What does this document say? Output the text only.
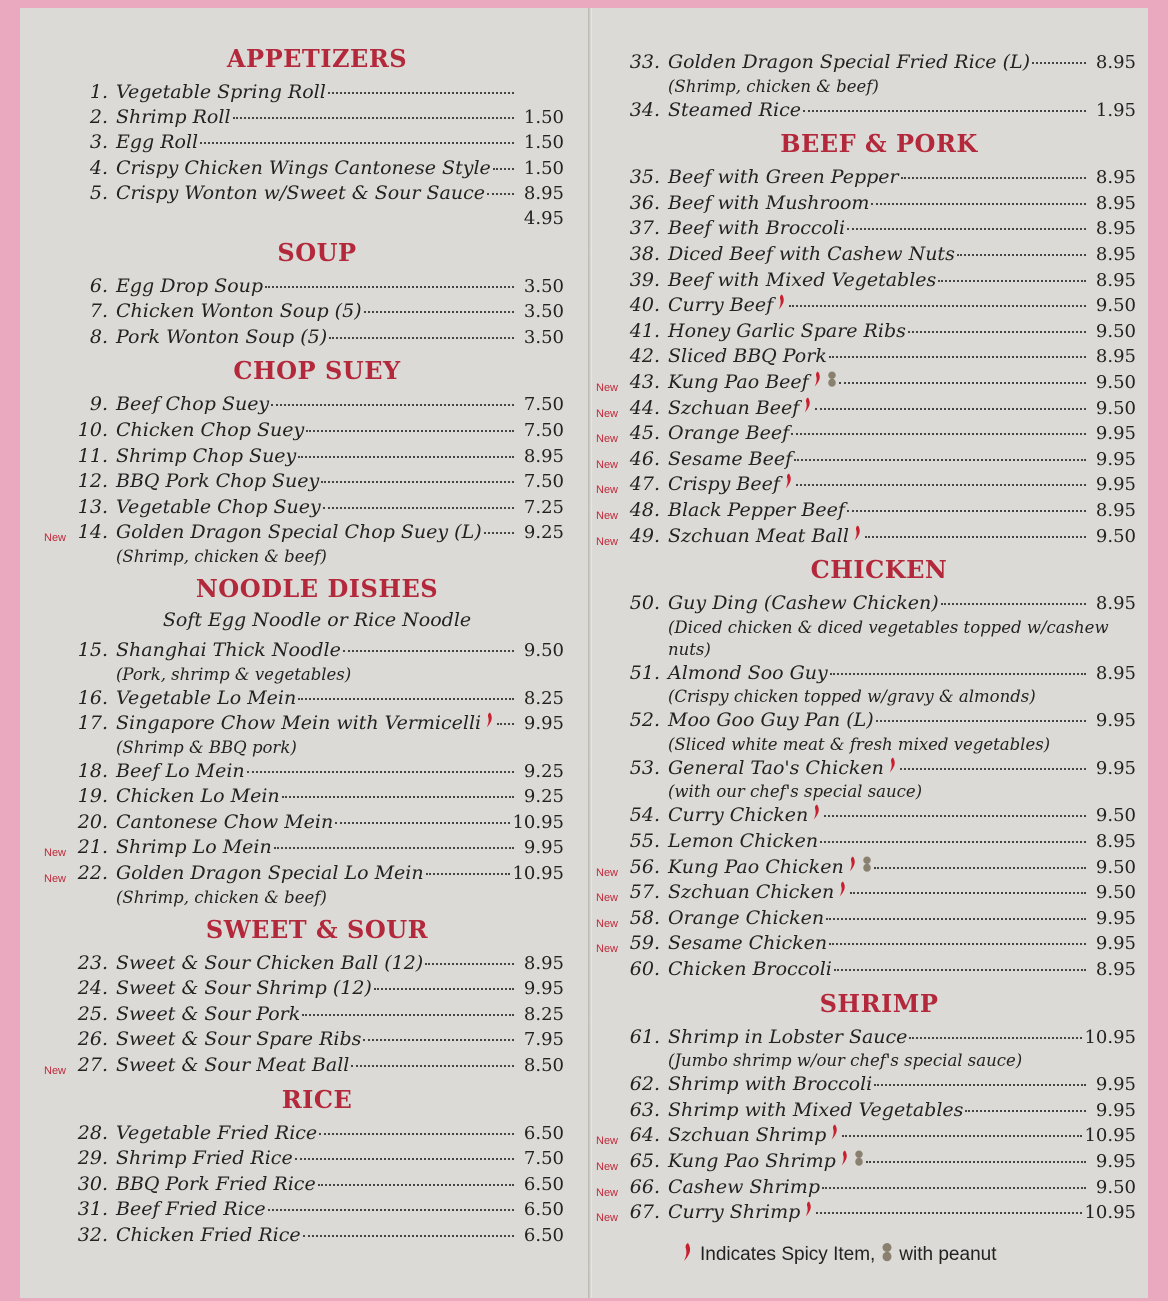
APPETIZERS
1. Vegetable Spring Roll
2. Shrimp Roll	1.50
3. Egg Roll	1.50
4. Crispy Chicken Wings Cantonese Style	1.50
5. Crispy Wonton w/Sweet & Sour Sauce	8.95
4.95
SOUP
6. Egg Drop Soup	3.50
7. Chicken Wonton Soup (5)	3.50
8. Pork Wonton Soup (5)	3.50
CHOP SUEY
9. Beef Chop Suey	7.50
10. Chicken Chop Suey	7.50
11. Shrimp Chop Suey	8.95
12. BBQ Pork Chop Suey	7.50
13. Vegetable Chop Suey	7.25
New 14. Golden Dragon Special Chop Suey (L)	9.25
(Shrimp, chicken & beef)
NOODLE DISHES
Soft Egg Noodle or Rice Noodle
15. Shanghai Thick Noodle	9.50
(Pork, shrimp & vegetables)
16. Vegetable Lo Mein	8.25
17. Singapore Chow Mein with Vermicelli	9.95
(Shrimp & BBQ pork)
18. Beef Lo Mein	9.25
19. Chicken Lo Mein	9.25
20. Cantonese Chow Mein	10.95
New 21. Shrimp Lo Mein	9.95
New 22. Golden Dragon Special Lo Mein	10.95
(Shrimp, chicken & beef)
SWEET & SOUR
23. Sweet & Sour Chicken Ball (12)	8.95
24. Sweet & Sour Shrimp (12)	9.95
25. Sweet & Sour Pork	8.25
26. Sweet & Sour Spare Ribs	7.95
New 27. Sweet & Sour Meat Ball	8.50
RICE
28. Vegetable Fried Rice	6.50
29. Shrimp Fried Rice	7.50
30. BBQ Pork Fried Rice	6.50
31. Beef Fried Rice	6.50
32. Chicken Fried Rice	6.50
33. Golden Dragon Special Fried Rice (L)	8.95
(Shrimp, chicken & beef)
34. Steamed Rice	1.95
BEEF & PORK
35. Beef with Green Pepper	8.95
36. Beef with Mushroom	8.95
37. Beef with Broccoli	8.95
38. Diced Beef with Cashew Nuts	8.95
39. Beef with Mixed Vegetables	8.95
40. Curry Beef	9.50
41. Honey Garlic Spare Ribs	9.50
42. Sliced BBQ Pork	8.95
New 43. Kung Pao Beef	9.50
New 44. Szchuan Beef	9.50
New 45. Orange Beef	9.95
New 46. Sesame Beef	9.95
New 47. Crispy Beef	9.95
New 48. Black Pepper Beef	8.95
New 49. Szchuan Meat Ball	9.50
CHICKEN
50. Guy Ding (Cashew Chicken)	8.95
(Diced chicken & diced vegetables topped w/cashew nuts)
51. Almond Soo Guy	8.95
(Crispy chicken topped w/gravy & almonds)
52. Moo Goo Guy Pan (L)	9.95
(Sliced white meat & fresh mixed vegetables)
53. General Tao's Chicken	9.95
(with our chef's special sauce)
54. Curry Chicken	9.50
55. Lemon Chicken	8.95
New 56. Kung Pao Chicken	9.50
New 57. Szchuan Chicken	9.50
New 58. Orange Chicken	9.95
New 59. Sesame Chicken	9.95
60. Chicken Broccoli	8.95
SHRIMP
61. Shrimp in Lobster Sauce	10.95
(Jumbo shrimp w/our chef's special sauce)
62. Shrimp with Broccoli	9.95
63. Shrimp with Mixed Vegetables	9.95
New 64. Szchuan Shrimp	10.95
New 65. Kung Pao Shrimp	9.95
New 66. Cashew Shrimp	9.50
New 67. Curry Shrimp	10.95
Indicates Spicy Item, with peanut
